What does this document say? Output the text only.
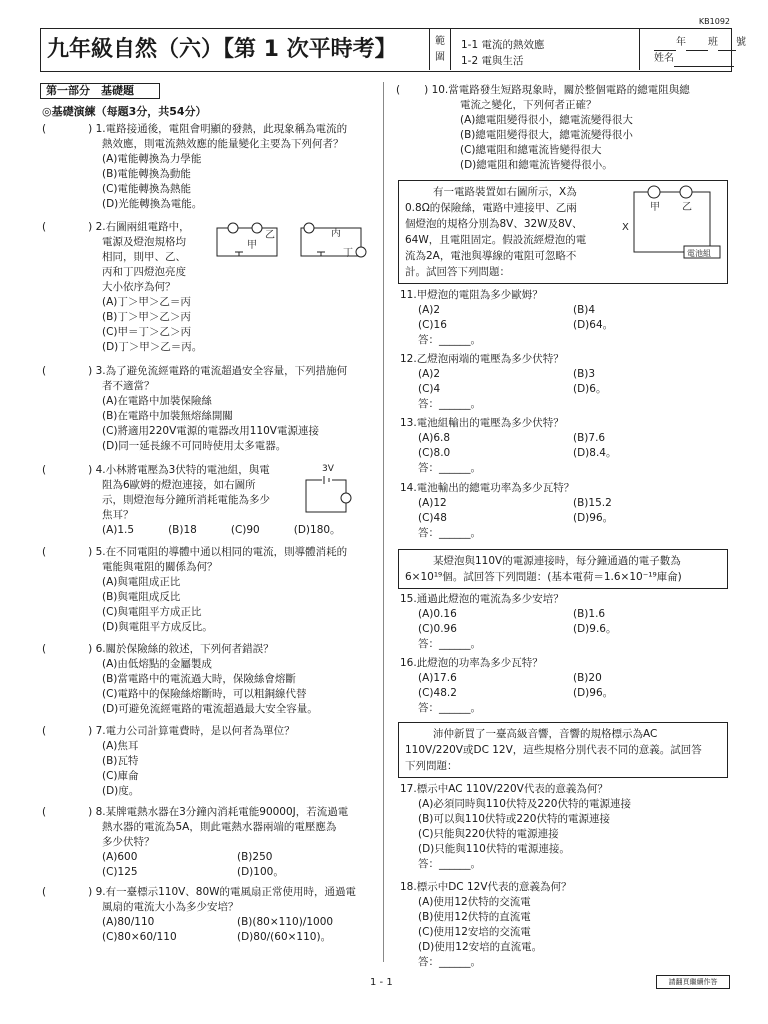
KB1092
九年級自然（六）【第 1 次平時考】	範
圍
1-1 電流的熱效應
1-2 電與生活
年 班 號
姓名
第一部分　基礎題
◎基礎演練（每題3分，共54分）
(	) 1.電路接通後，電阻會明顯的發熱，此現象稱為電流的
熱效應，則電流熱效應的能量變化主要為下列何者？
(A)電能轉換為力學能
(B)電能轉換為動能
(C)電能轉換為熱能
(D)光能轉換為電能。
(	) 2.右圖兩組電路中，
電源及燈泡規格均
相同，則甲、乙、
丙和丁四燈泡亮度
大小依序為何？
(A)丁＞甲＞乙＝丙
(B)丁＞甲＞乙＞丙
(C)甲＝丁＞乙＞丙
(D)丁＞甲＞乙＝丙。
乙
甲
丙
丁
(	) 3.為了避免流經電路的電流超過安全容量，下列措施何
者不適當？
(A)在電路中加裝保險絲
(B)在電路中加裝無熔絲開關
(C)將適用220V電源的電器改用110V電源連接
(D)同一延長線不可同時使用太多電器。
(	) 4.小林將電壓為3伏特的電池組，與電
阻為6歐姆的燈泡連接，如右圖所
示，則燈泡每分鐘所消耗電能為多少
焦耳？
(A)1.5	(B)18	(C)90	(D)180。
3V
(	) 5.在不同電阻的導體中通以相同的電流，則導體消耗的
電能與電阻的關係為何？
(A)與電阻成正比
(B)與電阻成反比
(C)與電阻平方成正比
(D)與電阻平方成反比。
(	) 6.關於保險絲的敘述，下列何者錯誤？
(A)由低熔點的金屬製成
(B)當電路中的電流過大時，保險絲會熔斷
(C)電路中的保險絲熔斷時，可以粗銅線代替
(D)可避免流經電路的電流超過最大安全容量。
(	) 7.電力公司計算電費時，是以何者為單位？
(A)焦耳
(B)瓦特
(C)庫侖
(D)度。
(	) 8.某牌電熱水器在3分鐘內消耗電能90000J，若流過電
熱水器的電流為5A，則此電熱水器兩端的電壓應為
多少伏特？
(A)600	(B)250
(C)125	(D)100。
(	) 9.有一臺標示110V、80W的電風扇正常使用時，通過電
風扇的電流大小為多少安培？
(A)80/110	(B)(80×110)/1000
(C)80×60/110	(D)80/(60×110)。
( ) 10.當電路發生短路現象時，關於整個電路的總電阻與總
電流之變化，下列何者正確？
(A)總電阻變得很小，總電流變得很大
(B)總電阻變得很大，總電流變得很小
(C)總電阻和總電流皆變得很大
(D)總電阻和總電流皆變得很小。
有一電路裝置如右圖所示，X為
0.8Ω的保險絲，電路中連接甲、乙兩
個燈泡的規格分別為8V、32W及8V、
64W，且電阻固定。假設流經燈泡的電
流為2A，電池與導線的電阻可忽略不
計。試回答下列問題：
甲 乙
X
電池組
11.甲燈泡的電阻為多少歐姆？
(A)2	(B)4
(C)16	(D)64。
答：______。
12.乙燈泡兩端的電壓為多少伏特？
(A)2	(B)3
(C)4	(D)6。
答：______。
13.電池組輸出的電壓為多少伏特？
(A)6.8	(B)7.6
(C)8.0	(D)8.4。
答：______。
14.電池輸出的總電功率為多少瓦特？
(A)12	(B)15.2
(C)48	(D)96。
答：______。
某燈泡與110V的電源連接時，每分鐘通過的電子數為
6×10¹⁹個。試回答下列問題：(基本電荷＝1.6×10⁻¹⁹庫侖)
15.通過此燈泡的電流為多少安培？
(A)0.16	(B)1.6
(C)0.96	(D)9.6。
答：______。
16.此燈泡的功率為多少瓦特？
(A)17.6	(B)20
(C)48.2	(D)96。
答：______。
沛仲新買了一臺高級音響，音響的規格標示為AC
110V/220V或DC 12V，這些規格分別代表不同的意義。試回答
下列問題：
17.標示中AC 110V/220V代表的意義為何？
(A)必須同時與110伏特及220伏特的電源連接
(B)可以與110伏特或220伏特的電源連接
(C)只能與220伏特的電源連接
(D)只能與110伏特的電源連接。
答：______。
18.標示中DC 12V代表的意義為何？
(A)使用12伏特的交流電
(B)使用12伏特的直流電
(C)使用12安培的交流電
(D)使用12安培的直流電。
答：______。
1 - 1	請翻頁繼續作答
